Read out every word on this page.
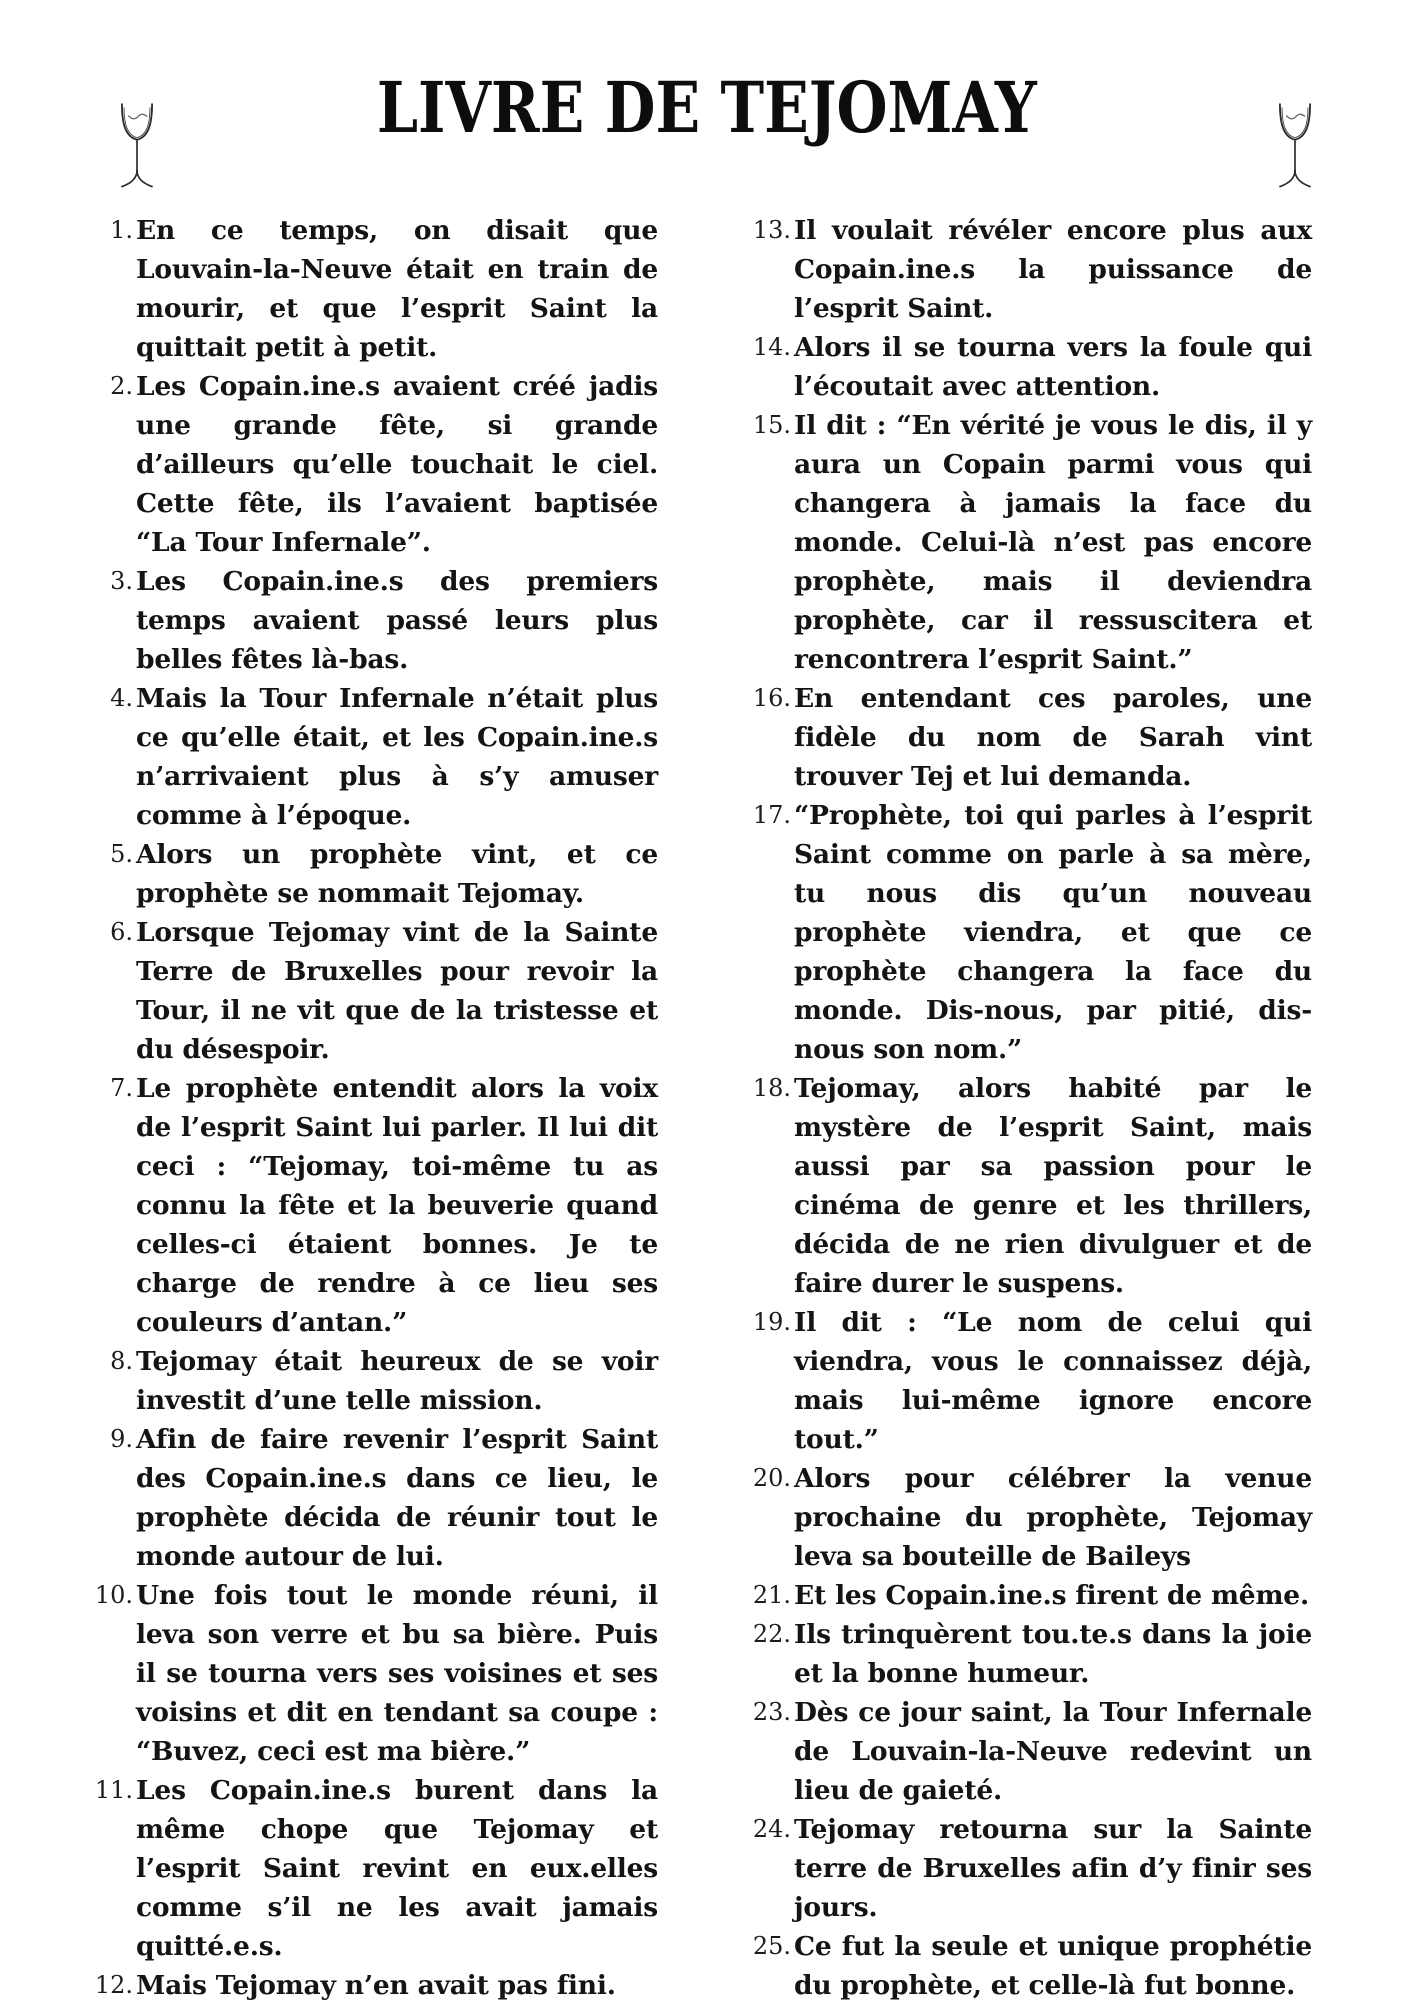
LIVRE DE TEJOMAY
1. En ce temps, on disait que Louvain-la-Neuve était en train de mourir, et que l’esprit Saint la quittait petit à petit.
2. Les Copain.ine.s avaient créé jadis une grande fête, si grande d’ailleurs qu’elle touchait le ciel. Cette fête, ils l’avaient baptisée “La Tour Infernale”.
3. Les Copain.ine.s des premiers temps avaient passé leurs plus belles fêtes là-bas.
4. Mais la Tour Infernale n’était plus ce qu’elle était, et les Copain.ine.s n’arrivaient plus à s’y amuser comme à l’époque.
5. Alors un prophète vint, et ce prophète se nommait Tejomay.
6. Lorsque Tejomay vint de la Sainte Terre de Bruxelles pour revoir la Tour, il ne vit que de la tristesse et du désespoir.
7. Le prophète entendit alors la voix de l’esprit Saint lui parler. Il lui dit ceci : “Tejomay, toi-même tu as connu la fête et la beuverie quand celles-ci étaient bonnes. Je te charge de rendre à ce lieu ses couleurs d’antan.”
8. Tejomay était heureux de se voir investit d’une telle mission.
9. Afin de faire revenir l’esprit Saint des Copain.ine.s dans ce lieu, le prophète décida de réunir tout le monde autour de lui.
10. Une fois tout le monde réuni, il leva son verre et bu sa bière. Puis il se tourna vers ses voisines et ses voisins et dit en tendant sa coupe : “Buvez, ceci est ma bière.”
11. Les Copain.ine.s burent dans la même chope que Tejomay et l’esprit Saint revint en eux.elles comme s’il ne les avait jamais quitté.e.s.
12. Mais Tejomay n’en avait pas fini.
13. Il voulait révéler encore plus aux Copain.ine.s la puissance de l’esprit Saint.
14. Alors il se tourna vers la foule qui l’écoutait avec attention.
15. Il dit : “En vérité je vous le dis, il y aura un Copain parmi vous qui changera à jamais la face du monde. Celui-là n’est pas encore prophète, mais il deviendra prophète, car il ressuscitera et rencontrera l’esprit Saint.”
16. En entendant ces paroles, une fidèle du nom de Sarah vint trouver Tej et lui demanda.
17. “Prophète, toi qui parles à l’esprit Saint comme on parle à sa mère, tu nous dis qu’un nouveau prophète viendra, et que ce prophète changera la face du monde. Dis-nous, par pitié, dis-nous son nom.”
18. Tejomay, alors habité par le mystère de l’esprit Saint, mais aussi par sa passion pour le cinéma de genre et les thrillers, décida de ne rien divulguer et de faire durer le suspens.
19. Il dit : “Le nom de celui qui viendra, vous le connaissez déjà, mais lui-même ignore encore tout.”
20. Alors pour célébrer la venue prochaine du prophète, Tejomay leva sa bouteille de Baileys
21. Et les Copain.ine.s firent de même.
22. Ils trinquèrent tou.te.s dans la joie et la bonne humeur.
23. Dès ce jour saint, la Tour Infernale de Louvain-la-Neuve redevint un lieu de gaieté.
24. Tejomay retourna sur la Sainte terre de Bruxelles afin d’y finir ses jours.
25. Ce fut la seule et unique prophétie du prophète, et celle-là fut bonne.
